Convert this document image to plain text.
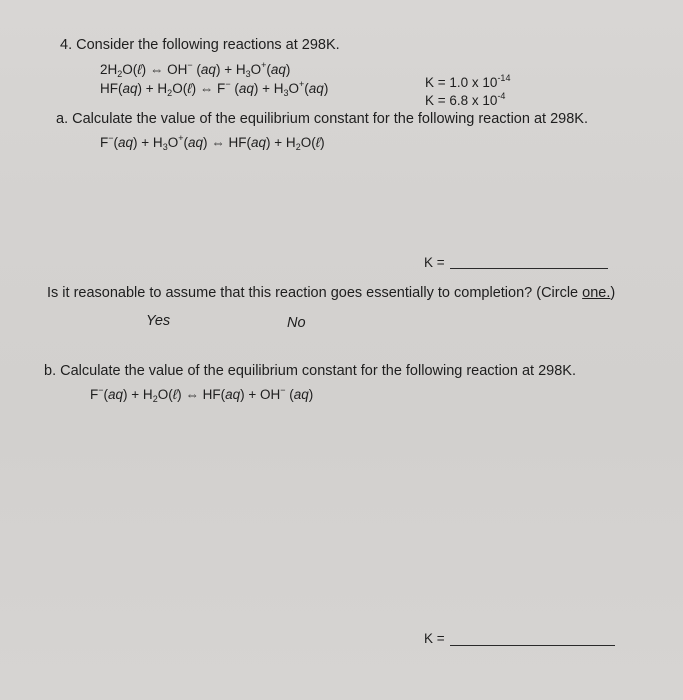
4. Consider the following reactions at 298K.
$2H_2O(\ell)$ ⇔ OH− $(aq) + H_3O^+(aq)$
$HF(aq) + H_2O(\ell)$ ⇔ F− $(aq) + H_3O^+(aq)$	K = 1.0 x $10^{-14}$
K = 6.8 x $10^{-4}$
a. Calculate the value of the equilibrium constant for the following reaction at 298K.
$F^-(aq) + H_3O^+(aq)$ ⇔ $HF(aq) + H_2O(\ell)$
K =
Is it reasonable to assume that this reaction goes essentially to completion? (Circle one.)
Yes	No
b. Calculate the value of the equilibrium constant for the following reaction at 298K.
$F^-(aq) + H_2O(\ell)$ ⇔ HF(aq) + OH− (aq)
K =
